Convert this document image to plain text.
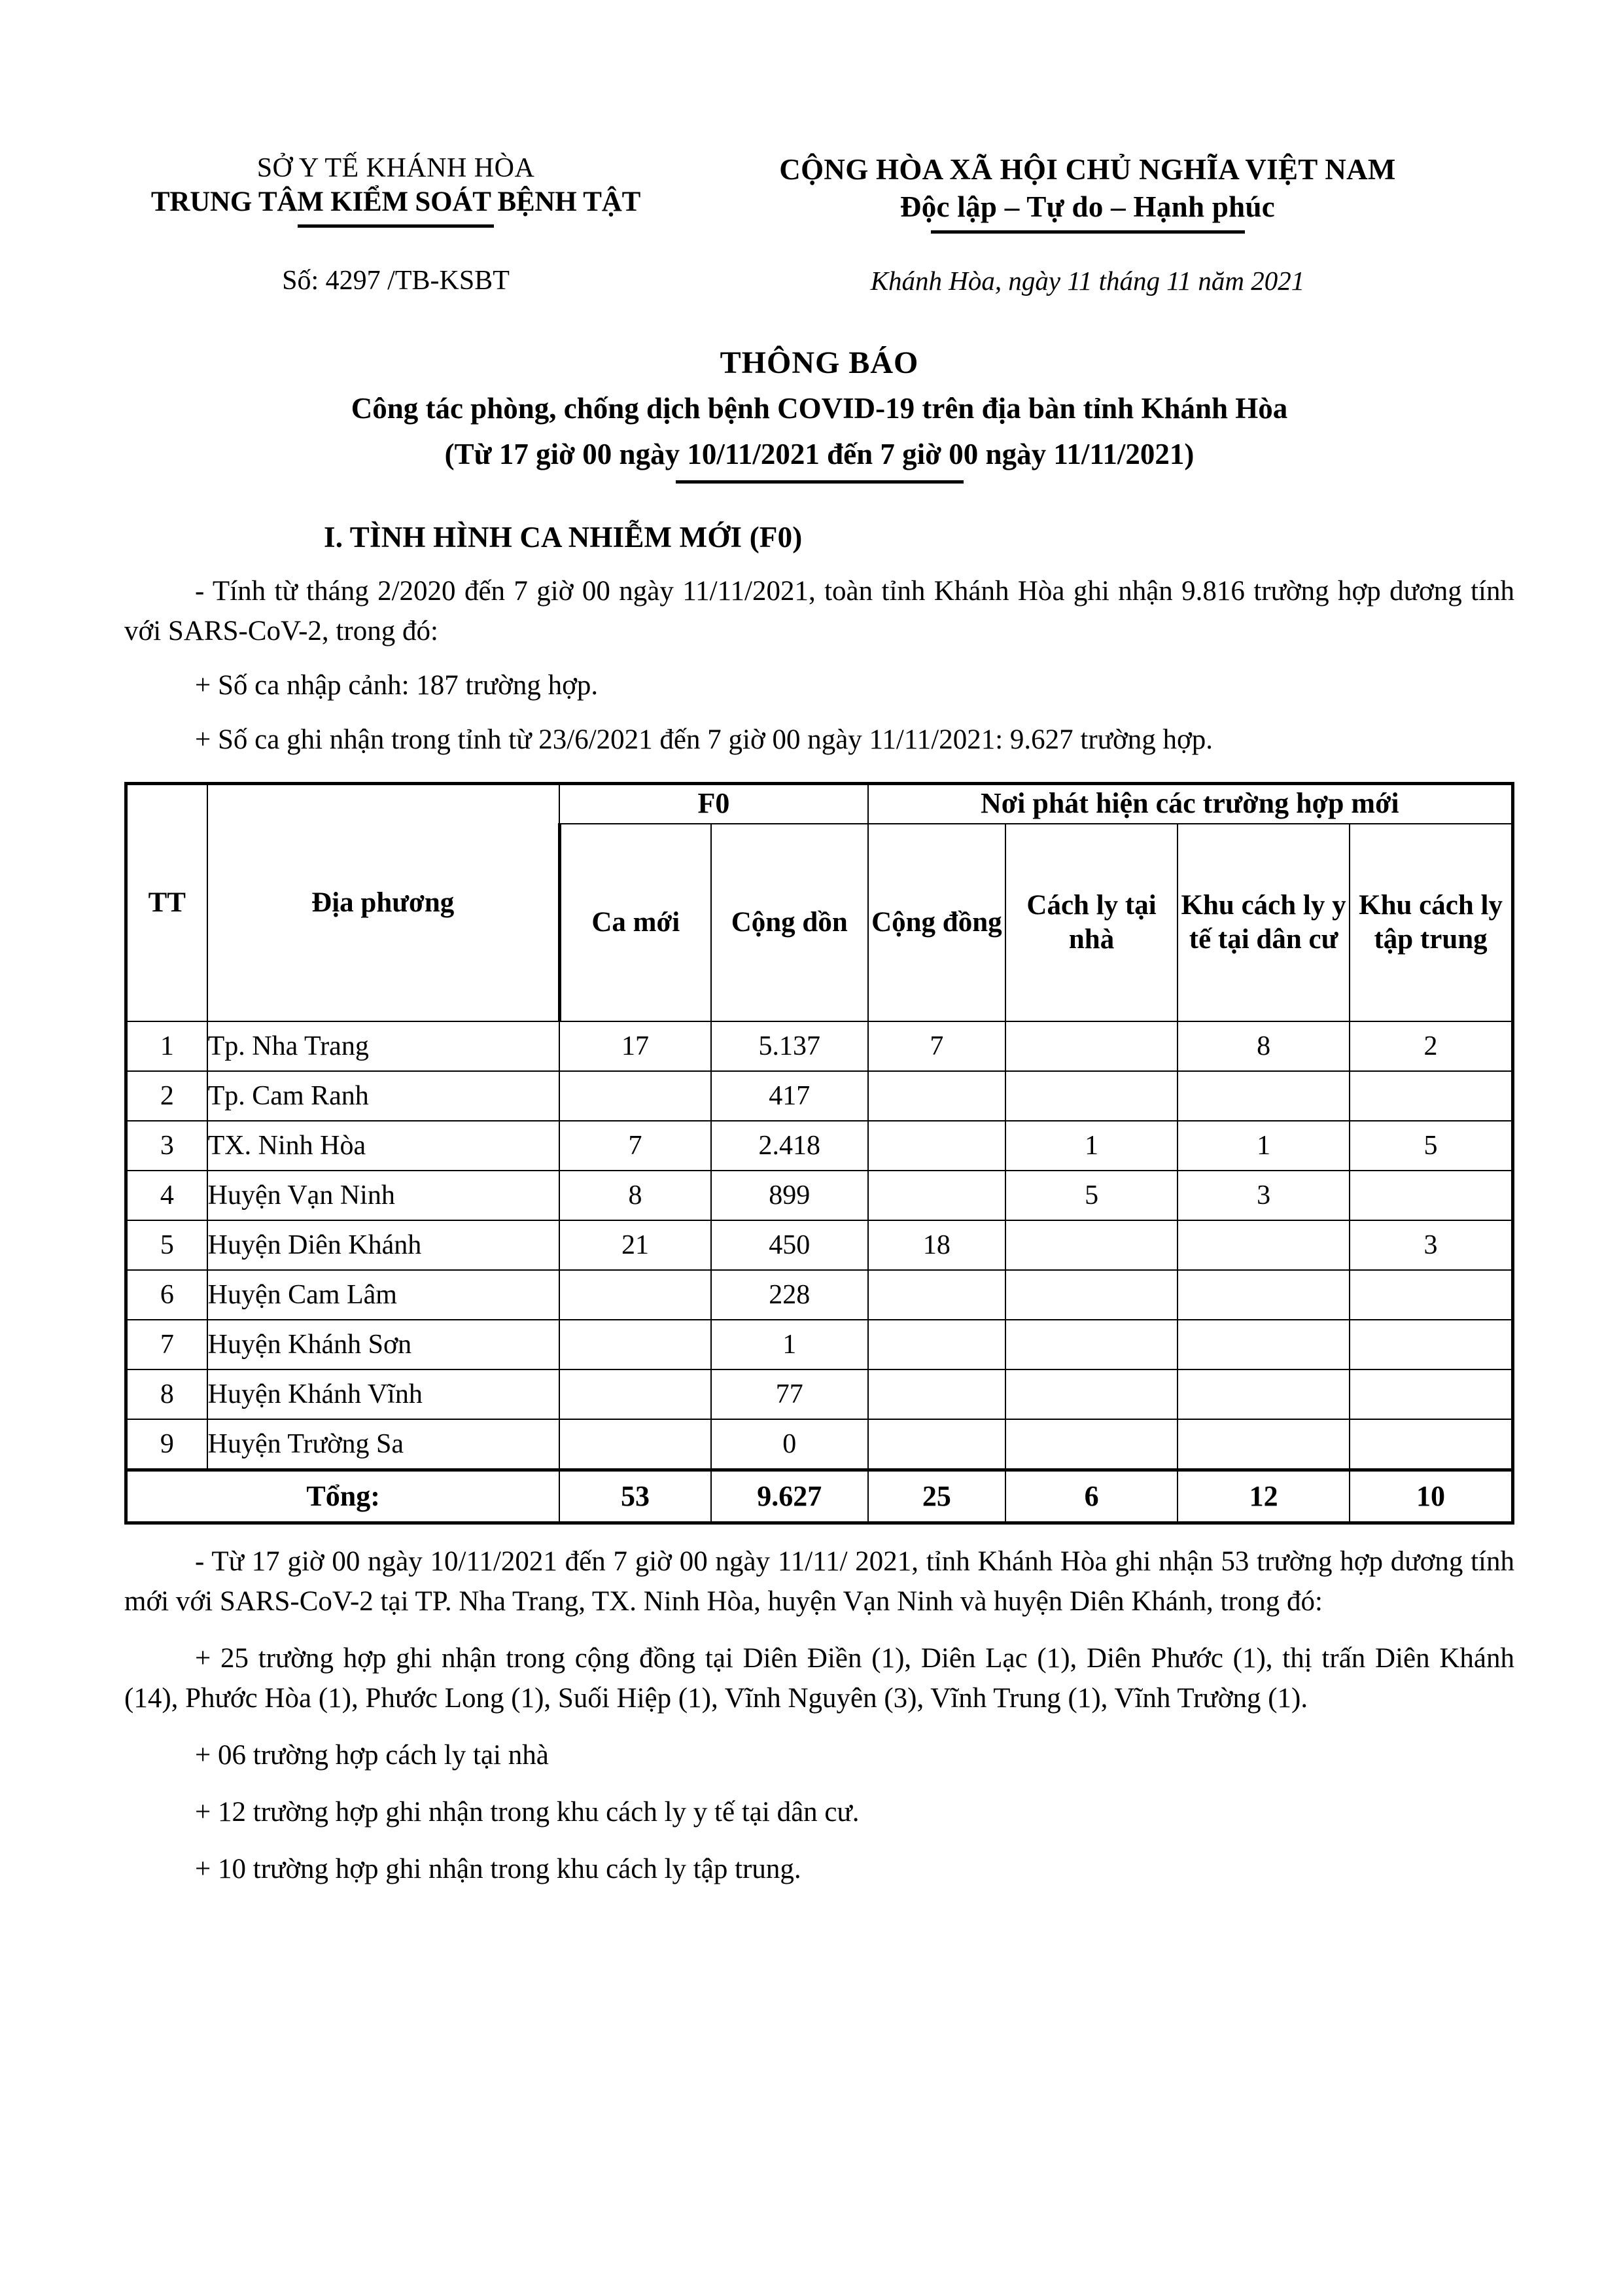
SỞ Y TẾ KHÁNH HÒA
TRUNG TÂM KIỂM SOÁT BỆNH TẬT
CỘNG HÒA XÃ HỘI CHỦ NGHĨA VIỆT NAM
Độc lập – Tự do – Hạnh phúc
Số: 4297 /TB-KSBT	Khánh Hòa, ngày 11 tháng 11 năm 2021
THÔNG BÁO
Công tác phòng, chống dịch bệnh COVID-19 trên địa bàn tỉnh Khánh Hòa
(Từ 17 giờ 00 ngày 10/11/2021 đến 7 giờ 00 ngày 11/11/2021)
I. TÌNH HÌNH CA NHIỄM MỚI (F0)

- Tính từ tháng 2/2020 đến 7 giờ 00 ngày 11/11/2021, toàn tỉnh Khánh Hòa ghi nhận 9.816 trường hợp dương tính với SARS-CoV-2, trong đó:

+ Số ca nhập cảnh: 187 trường hợp.

+ Số ca ghi nhận trong tỉnh từ 23/6/2021 đến 7 giờ 00 ngày 11/11/2021: 9.627 trường hợp.

TT	Địa phương	F0		Nơi phát hiện các trường hợp mới			
		Ca mới	Cộng dồn	Cộng đồng	Cách ly tại nhà	Khu cách ly y tế tại dân cư	Khu cách ly tập trung
1	Tp. Nha Trang	17	5.137	7		8	2
2	Tp. Cam Ranh		417				
3	TX. Ninh Hòa	7	2.418		1	1	5
4	Huyện Vạn Ninh	8	899		5	3	
5	Huyện Diên Khánh	21	450	18			3
6	Huyện Cam Lâm		228				
7	Huyện Khánh Sơn		1				
8	Huyện Khánh Vĩnh		77				
9	Huyện Trường Sa		0				
Tổng:		53	9.627	25	6	12	10

- Từ 17 giờ 00 ngày 10/11/2021 đến 7 giờ 00 ngày 11/11/ 2021, tỉnh Khánh Hòa ghi nhận 53 trường hợp dương tính mới với SARS-CoV-2 tại TP. Nha Trang, TX. Ninh Hòa, huyện Vạn Ninh và huyện Diên Khánh, trong đó:

+ 25 trường hợp ghi nhận trong cộng đồng tại Diên Điền (1), Diên Lạc (1), Diên Phước (1), thị trấn Diên Khánh (14), Phước Hòa (1), Phước Long (1), Suối Hiệp (1), Vĩnh Nguyên (3), Vĩnh Trung (1), Vĩnh Trường (1).

+ 06 trường hợp cách ly tại nhà

+ 12 trường hợp ghi nhận trong khu cách ly y tế tại dân cư.

+ 10 trường hợp ghi nhận trong khu cách ly tập trung.
